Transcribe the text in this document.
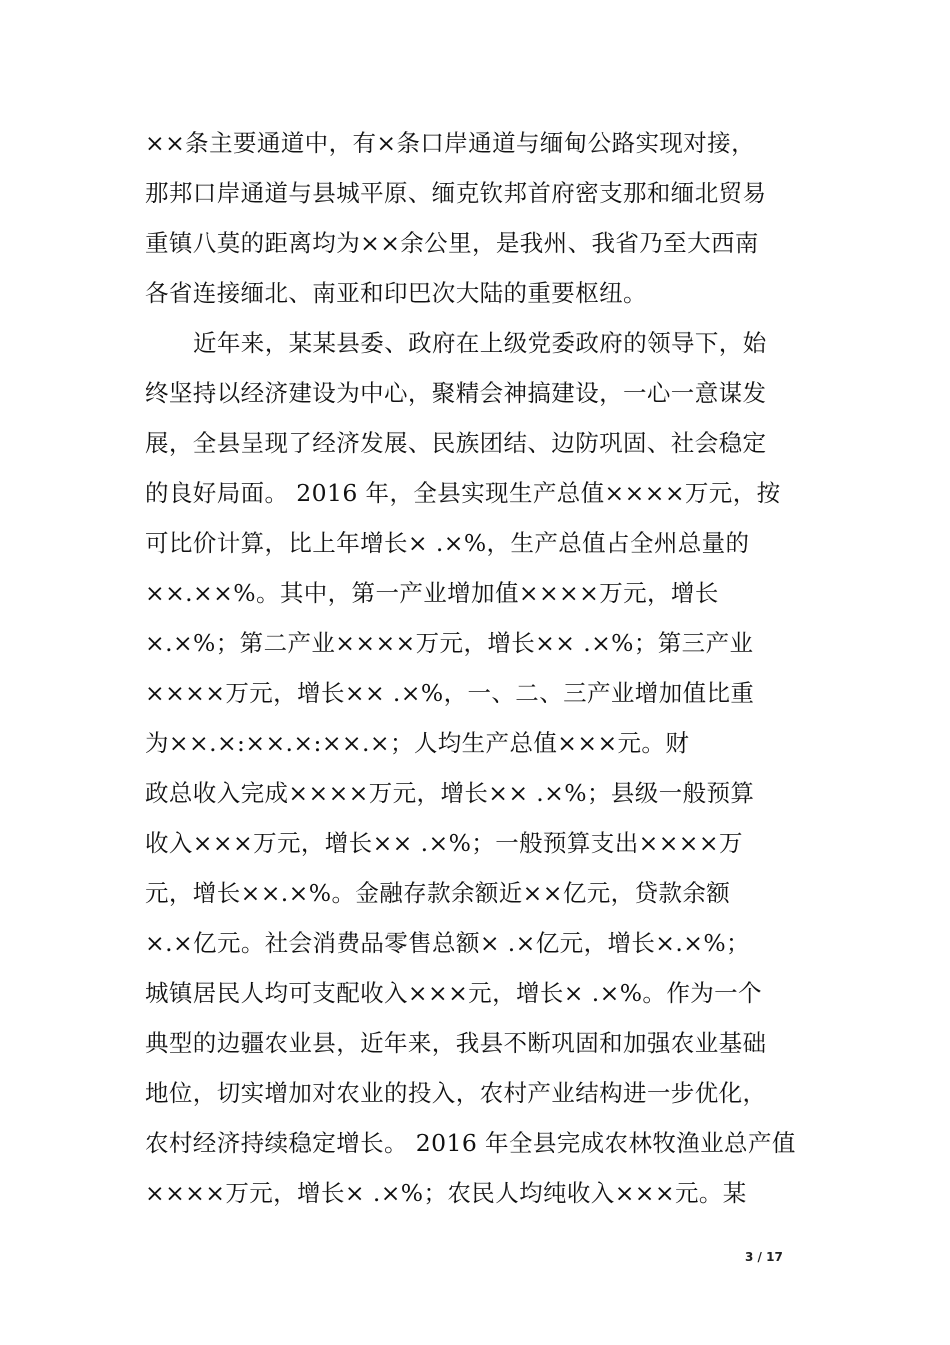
××条主要通道中，有×条口岸通道与缅甸公路实现对接，
那邦口岸通道与县城平原、缅克钦邦首府密支那和缅北贸易
重镇八莫的距离均为××余公里，是我州、我省乃至大西南
各省连接缅北、南亚和印巴次大陆的重要枢纽。
近年来，某某县委、政府在上级党委政府的领导下，始
终坚持以经济建设为中心，聚精会神搞建设，一心一意谋发
展，全县呈现了经济发展、民族团结、边防巩固、社会稳定
的良好局面。 2016 年，全县实现生产总值××××万元，按
可比价计算，比上年增长× .×%，生产总值占全州总量的
××.××%。其中，第一产业增加值××××万元，增长
×.×%；第二产业××××万元，增长×× .×%；第三产业
××××万元，增长×× .×%，一、二、三产业增加值比重
为××.×:××.×:××.×；人均生产总值×××元。财
政总收入完成××××万元，增长×× .×%；县级一般预算
收入×××万元，增长×× .×%；一般预算支出××××万
元，增长××.×%。金融存款余额近××亿元，贷款余额
×.×亿元。社会消费品零售总额× .×亿元，增长×.×%；
城镇居民人均可支配收入×××元，增长× .×%。作为一个
典型的边疆农业县，近年来，我县不断巩固和加强农业基础
地位，切实增加对农业的投入，农村产业结构进一步优化，
农村经济持续稳定增长。 2016 年全县完成农林牧渔业总产值
××××万元，增长× .×%；农民人均纯收入×××元。某
3 / 17
